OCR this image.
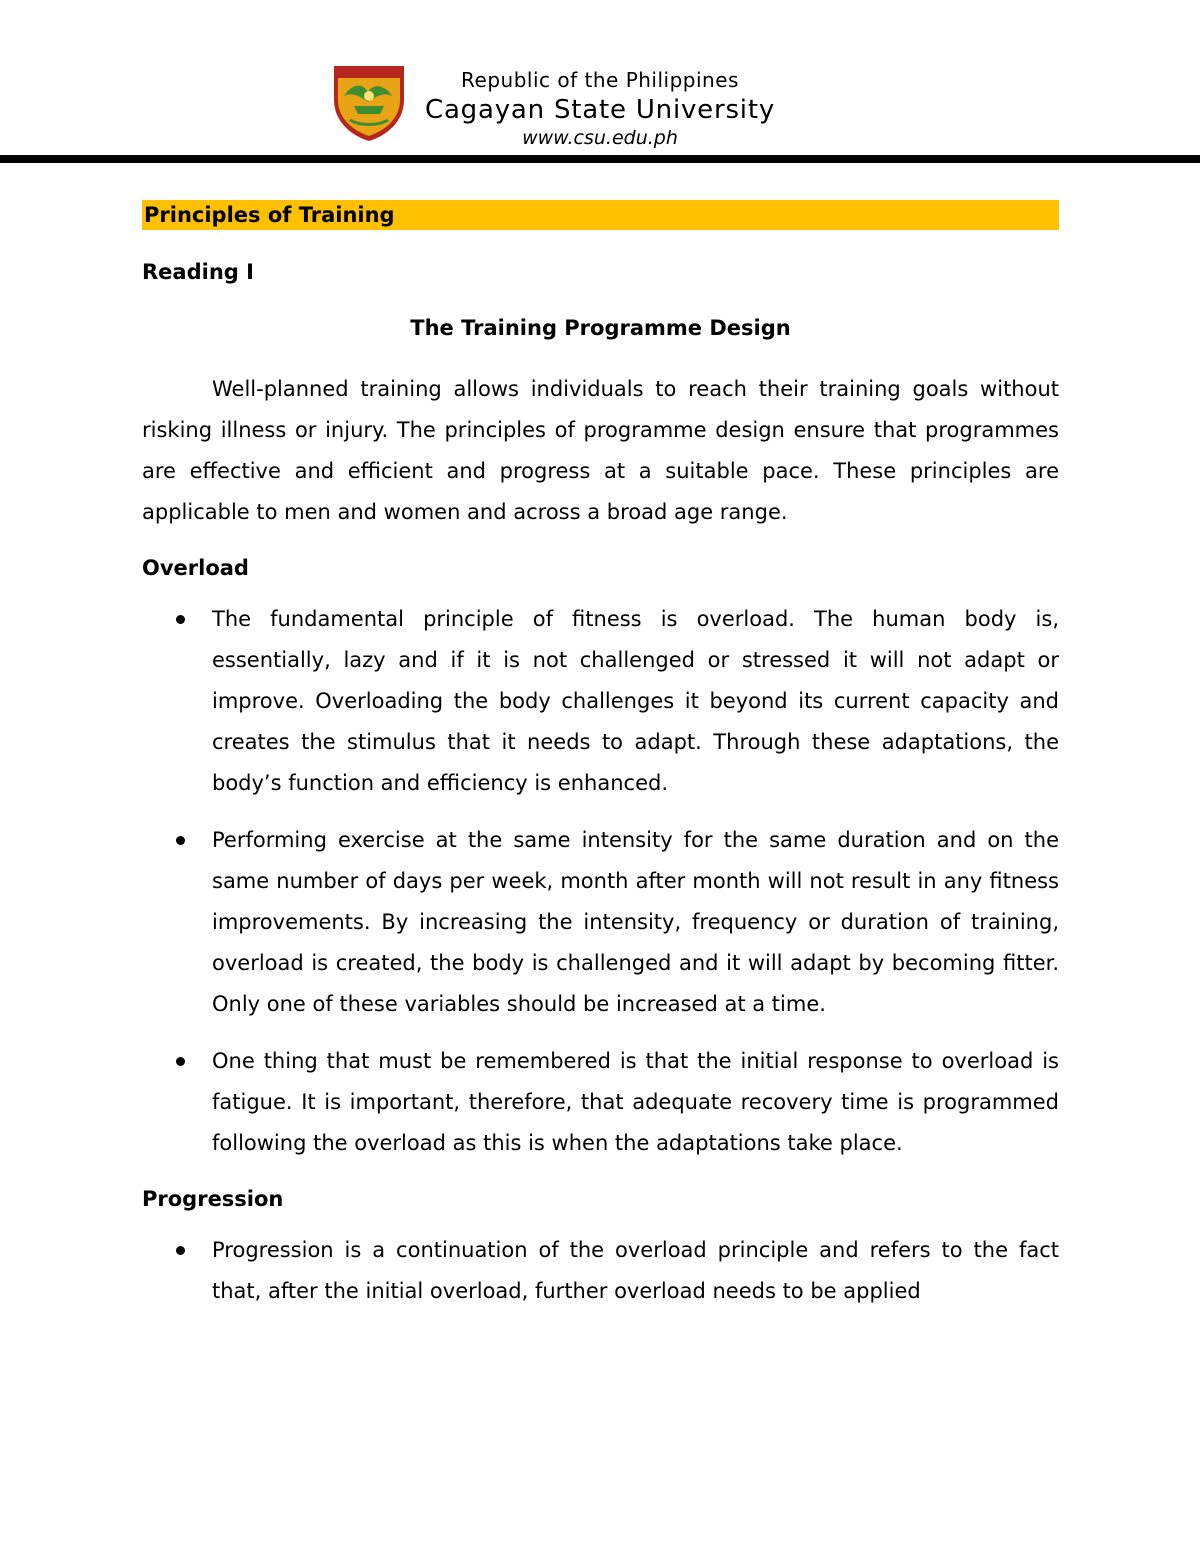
Republic of the Philippines
Cagayan State University
www.csu.edu.ph
Principles of Training
Reading I
The Training Programme Design

Well-planned training allows individuals to reach their training goals without risking illness or injury. The principles of programme design ensure that programmes are effective and efficient and progress at a suitable pace. These principles are applicable to men and women and across a broad age range.

Overload
The fundamental principle of fitness is overload. The human body is, essentially, lazy and if it is not challenged or stressed it will not adapt or improve. Overloading the body challenges it beyond its current capacity and creates the stimulus that it needs to adapt. Through these adaptations, the body’s function and efficiency is enhanced.
Performing exercise at the same intensity for the same duration and on the same number of days per week, month after month will not result in any fitness improvements. By increasing the intensity, frequency or duration of training, overload is created, the body is challenged and it will adapt by becoming fitter. Only one of these variables should be increased at a time.
One thing that must be remembered is that the initial response to overload is fatigue. It is important, therefore, that adequate recovery time is programmed following the overload as this is when the adaptations take place.
Progression
Progression is a continuation of the overload principle and refers to the fact that, after the initial overload, further overload needs to be applied
